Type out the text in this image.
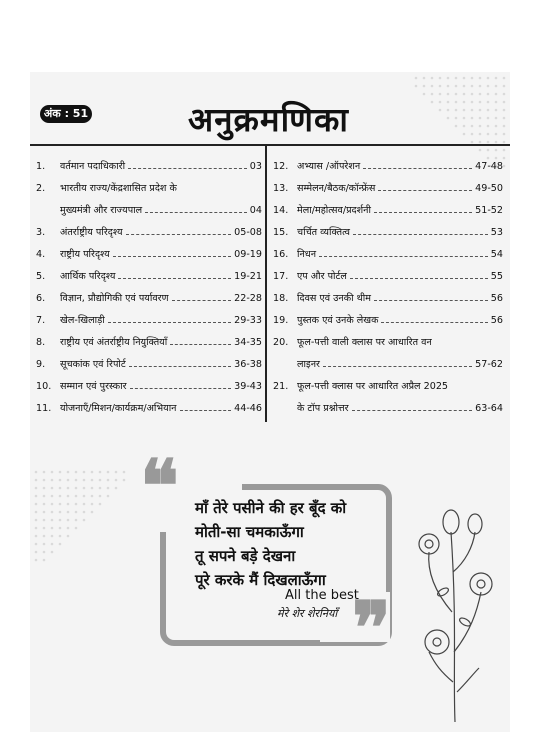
अंक : 51	अनुक्रमणिका
1.	वर्तमान पदाधिकारी	03
2.	भारतीय राज्य/केंद्रशासित प्रदेश के
मुख्यमंत्री और राज्यपाल	04
3.	अंतर्राष्ट्रीय परिदृश्य	05-08
4.	राष्ट्रीय परिदृश्य	09-19
5.	आर्थिक परिदृश्य	19-21
6.	विज्ञान, प्रौद्योगिकी एवं पर्यावरण	22-28
7.	खेल-खिलाड़ी	29-33
8.	राष्ट्रीय एवं अंतर्राष्ट्रीय नियुक्तियाँ	34-35
9.	सूचकांक एवं रिपोर्ट	36-38
10. सम्मान एवं पुरस्कार	39-43
11. योजनाएँ/मिशन/कार्यक्रम/अभियान	44-46
12. अभ्यास /ऑपरेशन	47-48
13. सम्मेलन/बैठक/कॉन्फ्रेंस	49-50
14. मेला/महोत्सव/प्रदर्शनी	51-52
15. चर्चित व्यक्तित्व	53
16. निधन	54
17. एप और पोर्टल	55
18. दिवस एवं उनकी थीम	56
19. पुस्तक एवं उनके लेखक	56
20. फूल-पत्ती वाली क्लास पर आधारित वन
लाइनर	57-62
21. फूल-पत्ती क्लास पर आधारित अप्रैल 2025
के टॉप प्रश्नोत्तर	63-64
❝
❞
माँ तेरे पसीने की हर बूँद को
मोती-सा चमकाऊँगा
तू सपने बड़े देखना
पूरे करके मैं दिखलाऊँगा
All the best
मेरे शेर शेरनियाँ
